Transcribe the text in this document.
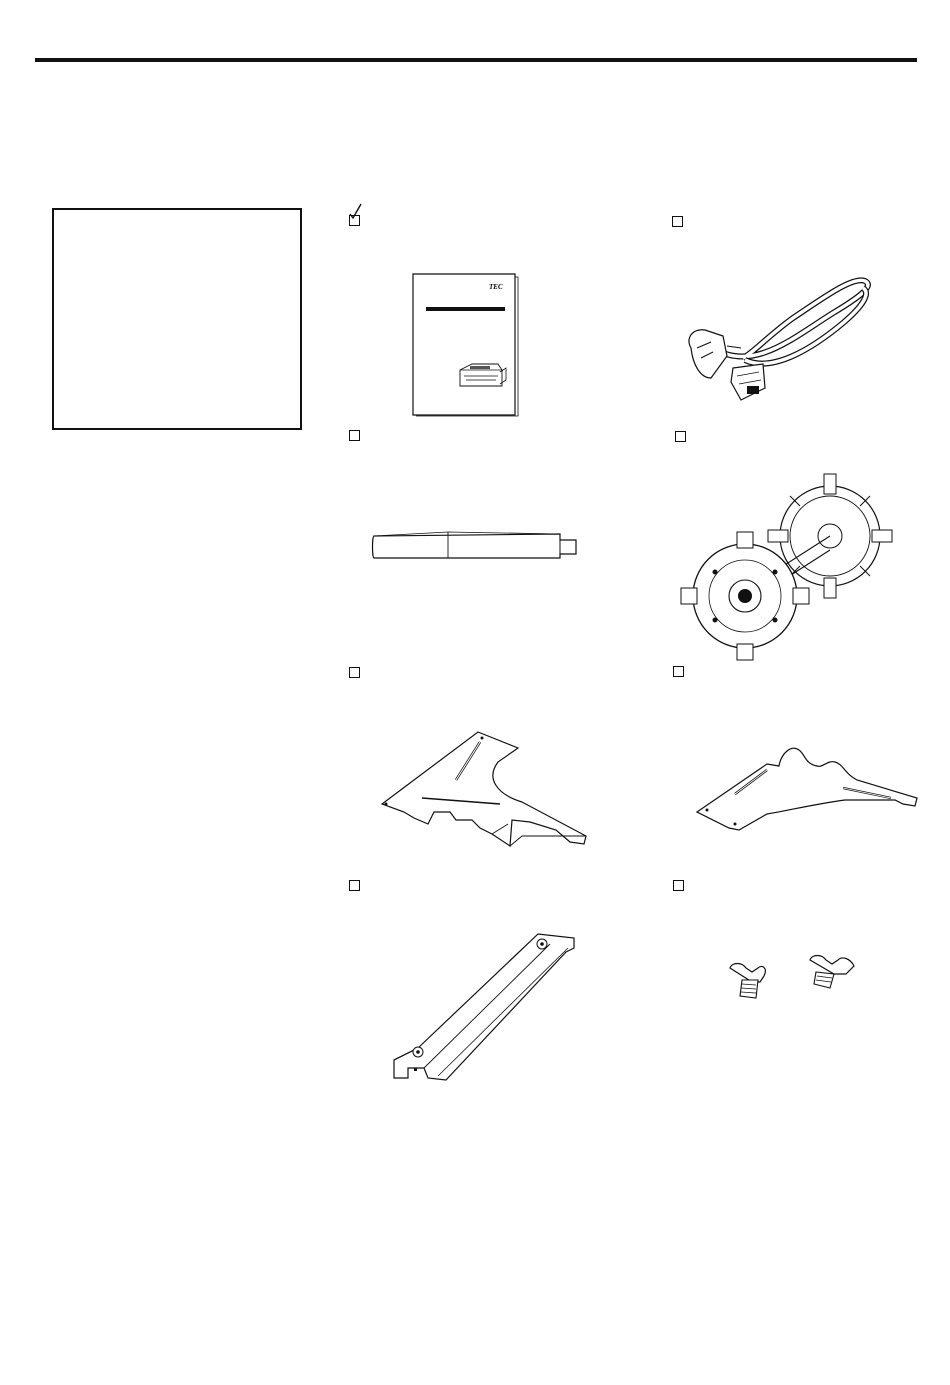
TEC
